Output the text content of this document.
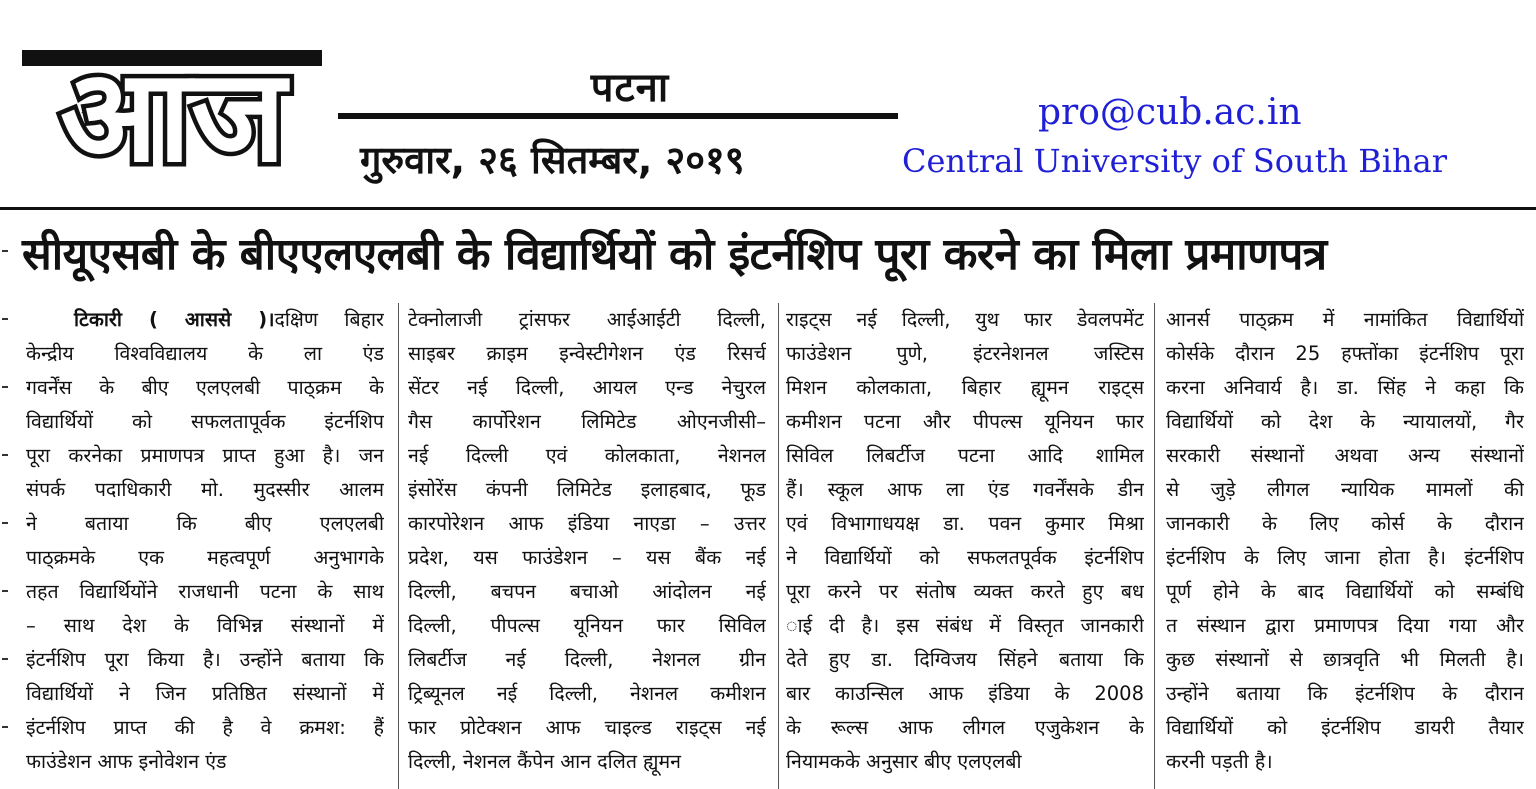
आज	पटना
गुरुवार, २६ सितम्बर, २०१९
pro@cub.ac.in
Central University of South Bihar
सीयूएसबी के बीएएलएलबी के विद्यार्थियों को इंटर्नशिप पूरा करने का मिला प्रमाणपत्र
टिकारी ( आससे )।दक्षिण बिहार
केन्द्रीय विश्वविद्यालय के ला एंड
गवर्नेंस के बीए एलएलबी पाठ्क्रम के
विद्यार्थियों को सफलतापूर्वक इंटर्नशिप
पूरा करनेका प्रमाणपत्र प्राप्त हुआ है। जन
संपर्क पदाधिकारी मो. मुदस्सीर आलम
ने बताया कि बीए एलएलबी
पाठ्क्रमके एक महत्वपूर्ण अनुभागके
तहत विद्यार्थियोंने राजधानी पटना के साथ
– साथ देश के विभिन्न संस्थानों में
इंटर्नशिप पूरा किया है। उन्होंने बताया कि
विद्यार्थियों ने जिन प्रतिष्ठित संस्थानों में
इंटर्नशिप प्राप्त की है वे क्रमश: हैं
फाउंडेशन आफ इनोवेशन एंड
टेक्नोलाजी ट्रांसफर आईआईटी दिल्ली,
साइबर क्राइम इन्वेस्टीगेशन एंड रिसर्च
सेंटर नई दिल्ली, आयल एन्ड नेचुरल
गैस कार्पोरेशन लिमिटेड ओएनजीसी–
नई दिल्ली एवं कोलकाता, नेशनल
इंसोरेंस कंपनी लिमिटेड इलाहबाद, फूड
कारपोरेशन आफ इंडिया नाएडा – उत्तर
प्रदेश, यस फाउंडेशन – यस बैंक नई
दिल्ली, बचपन बचाओ आंदोलन नई
दिल्ली, पीपल्स यूनियन फार सिविल
लिबर्टीज नई दिल्ली, नेशनल ग्रीन
ट्रिब्यूनल नई दिल्ली, नेशनल कमीशन
फार प्रोटेक्शन आफ चाइल्ड राइट्स नई
दिल्ली, नेशनल कैंपेन आन दलित ह्यूमन
राइट्स नई दिल्ली, युथ फार डेवलपमेंट
फाउंडेशन पुणे, इंटरनेशनल जस्टिस
मिशन कोलकाता, बिहार ह्यूमन राइट्स
कमीशन पटना और पीपल्स यूनियन फार
सिविल लिबर्टीज पटना आदि शामिल
हैं। स्कूल आफ ला एंड गवर्नेंसके डीन
एवं विभागाधयक्ष डा. पवन कुमार मिश्रा
ने विद्यार्थियों को सफलतपूर्वक इंटर्नशिप
पूरा करने पर संतोष व्यक्त करते हुए बध
ाई दी है। इस संबंध में विस्तृत जानकारी
देते हुए डा. दिग्विजय सिंहने बताया कि
बार काउन्सिल आफ इंडिया के 2008
के रूल्स आफ लीगल एजुकेशन के
नियामकके अनुसार बीए एलएलबी
आनर्स पाठ्क्रम में नामांकित विद्यार्थियों
कोर्सके दौरान 25 हफ्तोंका इंटर्नशिप पूरा
करना अनिवार्य है। डा. सिंह ने कहा कि
विद्यार्थियों को देश के न्यायालयों, गैर
सरकारी संस्थानों अथवा अन्य संस्थानों
से जुड़े लीगल न्यायिक मामलों की
जानकारी के लिए कोर्स के दौरान
इंटर्नशिप के लिए जाना होता है। इंटर्नशिप
पूर्ण होने के बाद विद्यार्थियों को सम्बंधि
त संस्थान द्वारा प्रमाणपत्र दिया गया और
कुछ संस्थानों से छात्रवृति भी मिलती है।
उन्होंने बताया कि इंटर्नशिप के दौरान
विद्यार्थियों को इंटर्नशिप डायरी तैयार
करनी पड़ती है।
